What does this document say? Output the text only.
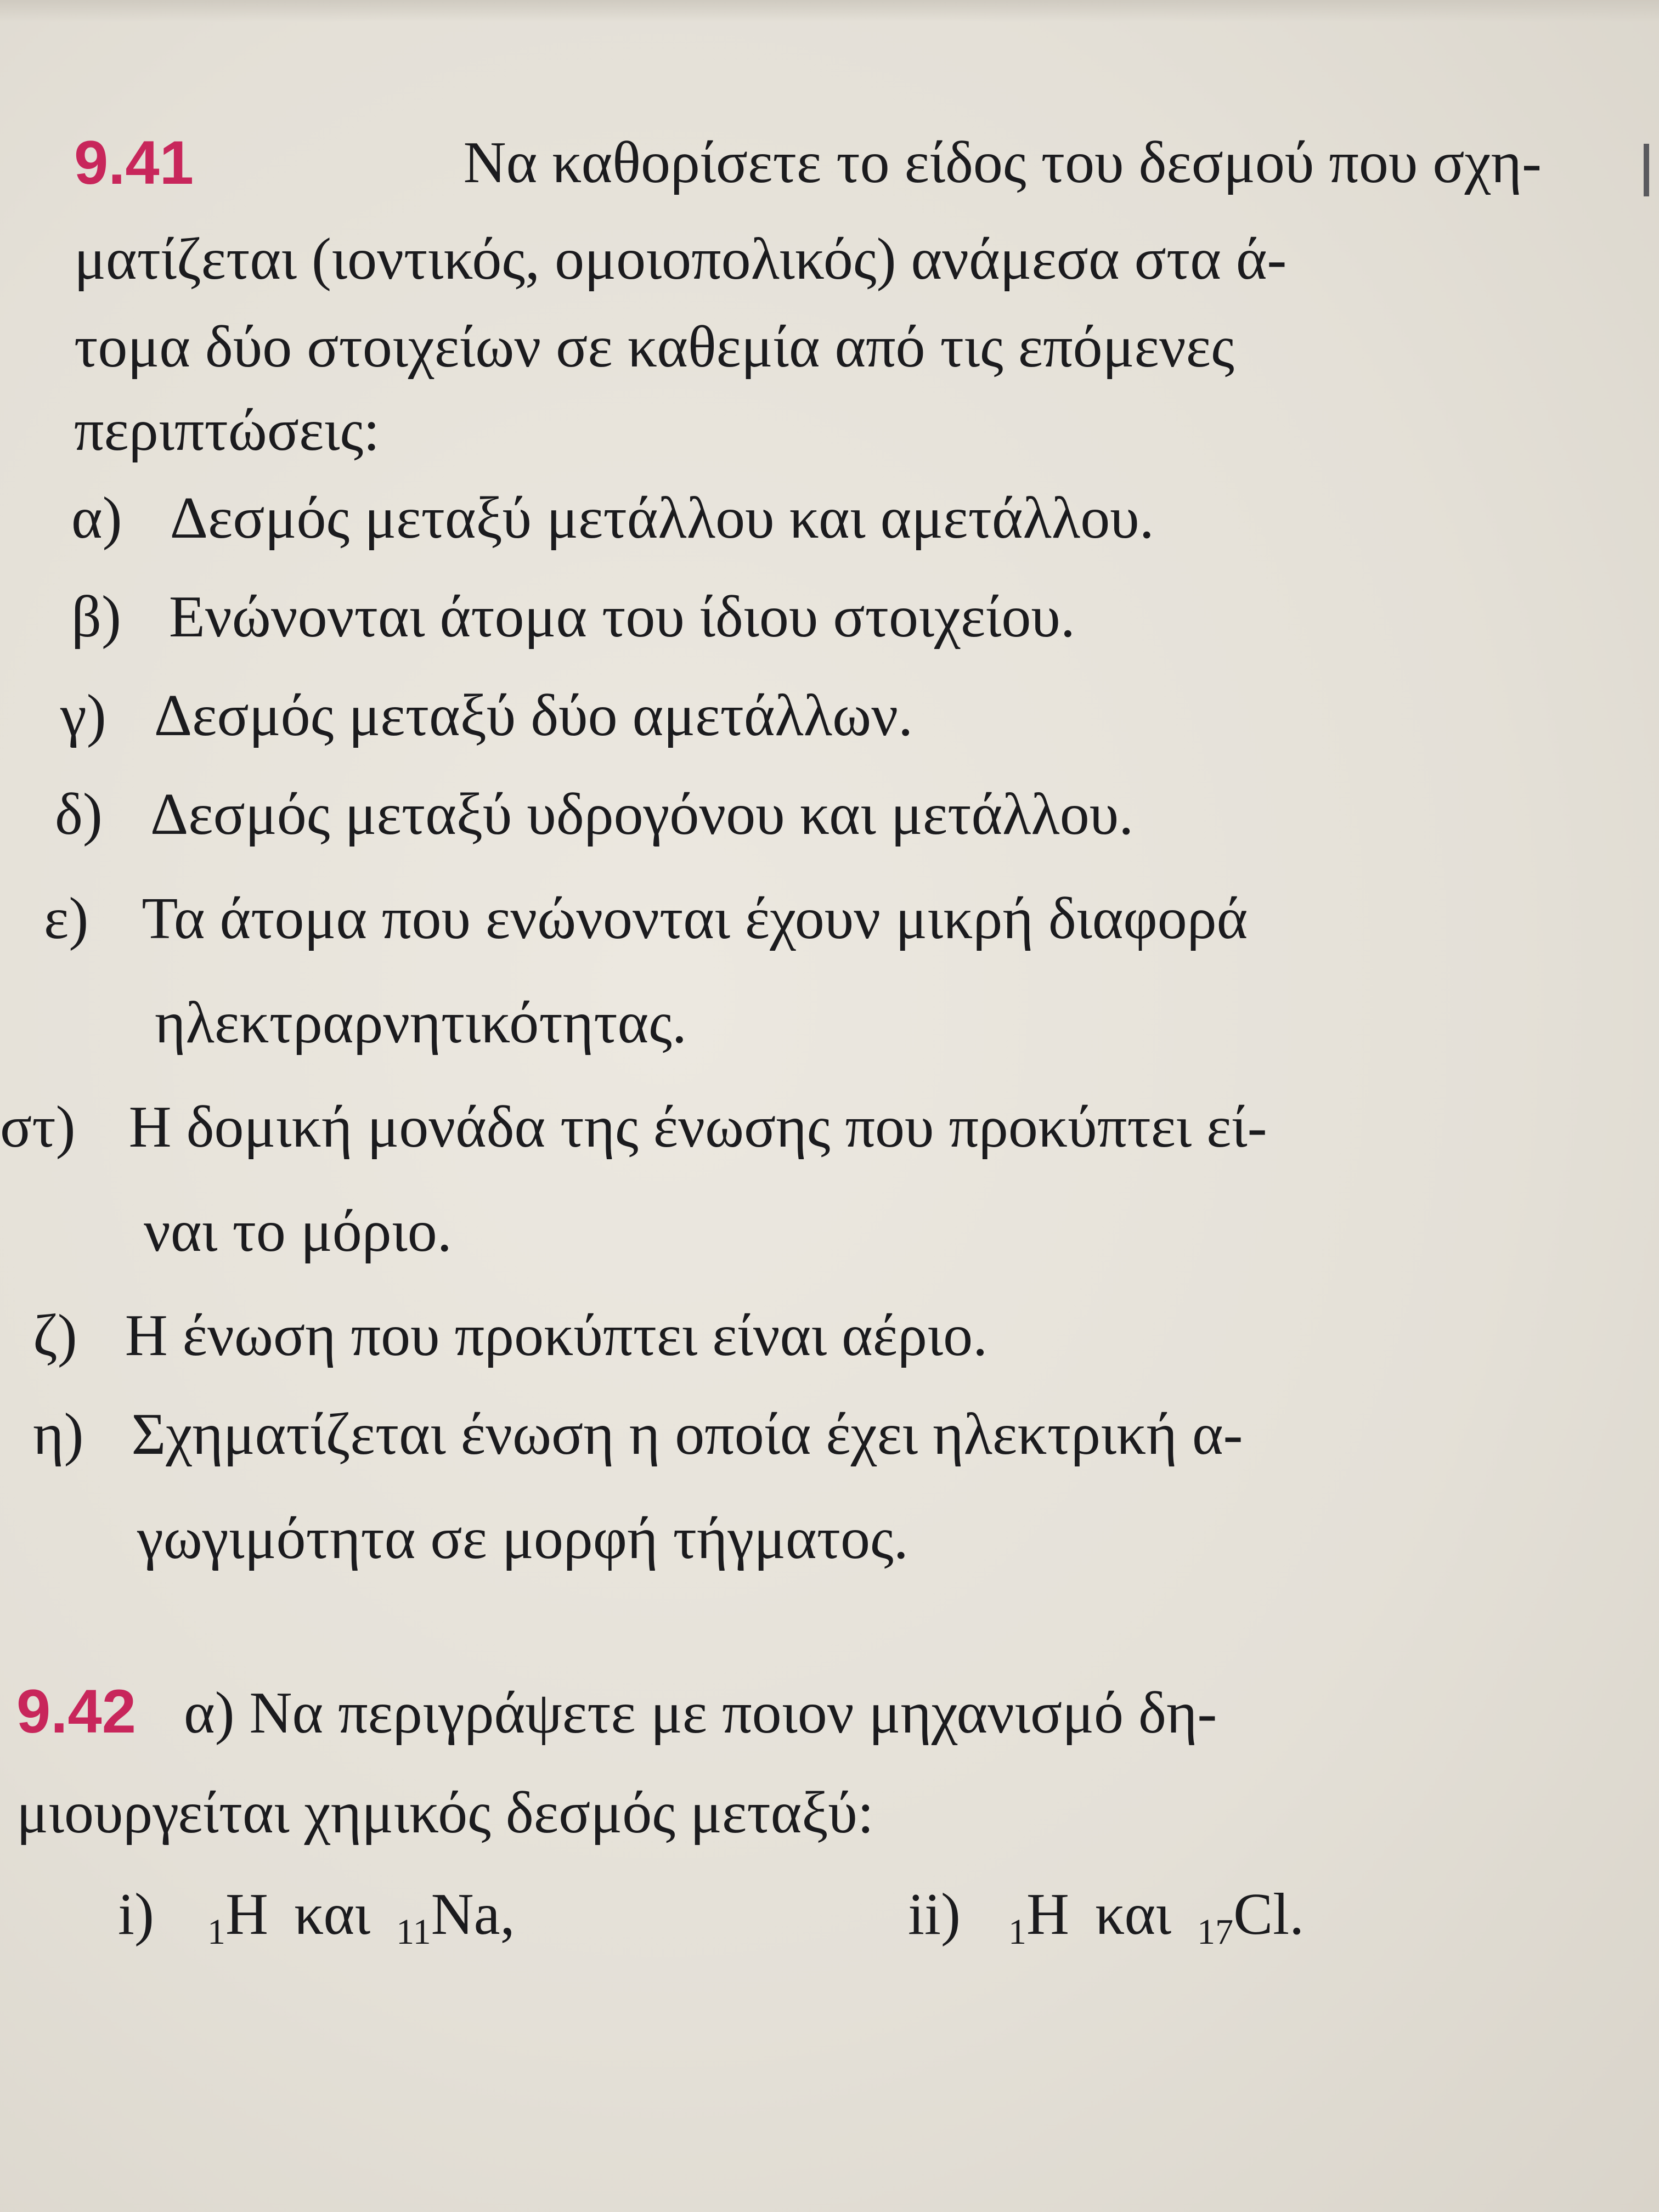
9.41	Να καθορίσετε το είδος του δεσμού που σχη-
ματίζεται (ιοντικός, ομοιοπολικός) ανάμεσα στα ά-
τομα δύο στοιχείων σε καθεμία από τις επόμενες
περιπτώσεις:
α) Δεσμός μεταξύ μετάλλου και αμετάλλου.
β) Ενώνονται άτομα του ίδιου στοιχείου.
γ) Δεσμός μεταξύ δύο αμετάλλων.
δ) Δεσμός μεταξύ υδρογόνου και μετάλλου.
ε) Τα άτομα που ενώνονται έχουν μικρή διαφορά
ηλεκτραρνητικότητας.
στ) Η δομική μονάδα της ένωσης που προκύπτει εί-
ναι το μόριο.
ζ) Η ένωση που προκύπτει είναι αέριο.
η) Σχηματίζεται ένωση η οποία έχει ηλεκτρική α-
γωγιμότητα σε μορφή τήγματος.
9.42 α) Να περιγράψετε με ποιον μηχανισμό δη-
μιουργείται χημικός δεσμός μεταξύ:
i) $_1$H και $_{11}$Na,	ii) $_1$H και $_{17}$Cl.
